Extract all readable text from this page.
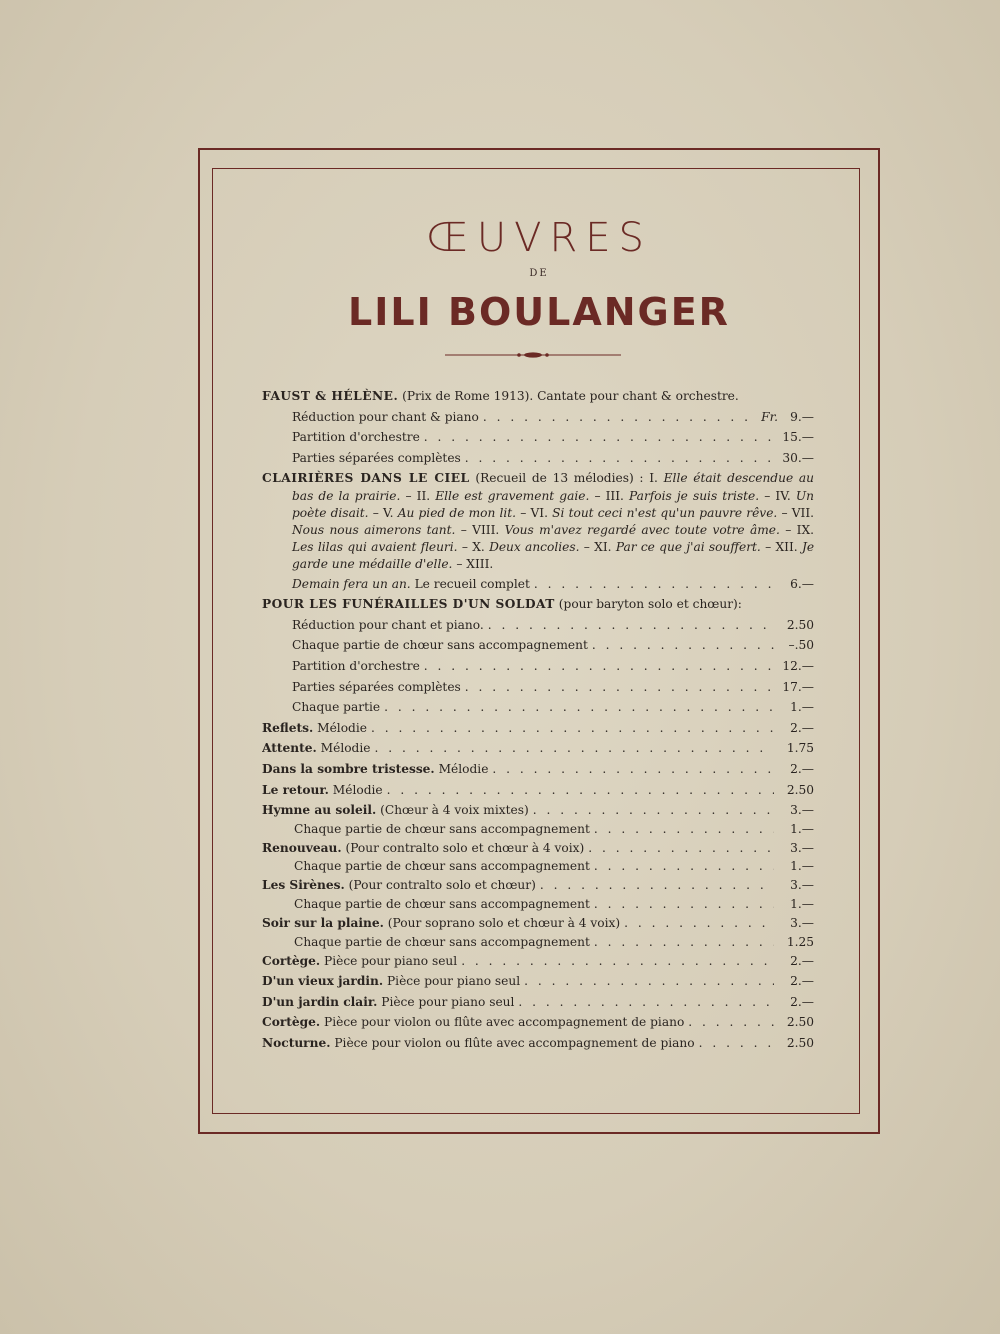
ŒUVRES
DE
LILI BOULANGER
FAUST & HÉLÈNE.
(Prix de Rome 1913). Cantate pour chant & orchestre.
Réduction pour chant & piano . . .	Fr. 9.—
Partition d'orchestre . . .	15.—
Parties séparées complètes . . .	30.—
CLAIRIÈRES DANS LE CIEL (Recueil de 13 mélodies) : I. Elle était descendue au bas de la prairie. – II. Elle est gravement gaie. – III. Parfois je suis triste. – IV. Un poète disait. – V. Au pied de mon lit. – VI. Si tout ceci n'est qu'un pauvre rêve. – VII. Nous nous aimerons tant. – VIII. Vous m'avez regardé avec toute votre âme. – IX. Les lilas qui avaient fleuri. – X. Deux ancolies. – XI. Par ce que j'ai souffert. – XII. Je garde une médaille d'elle. – XIII.
Demain fera un an.
Le recueil complet . . .	6.—
POUR LES FUNÉRAILLES D'UN SOLDAT
(pour baryton solo et chœur):
Réduction pour chant et piano. . . .	2.50
Chaque partie de chœur sans accompagnement . . .	–.50
Partition d'orchestre . . .	12.—
Parties séparées complètes . . .	17.—
Chaque partie . . .	1.—
Reflets.
Mélodie . . .	2.—
Attente.
Mélodie . . .	1.75
Dans la sombre tristesse.
Mélodie . . .	2.—
Le retour.
Mélodie . . .	2.50
Hymne au soleil.
(Chœur à 4 voix mixtes) . . .	3.—
Chaque partie de chœur sans accompagnement . . .	1.—
Renouveau.
(Pour contralto solo et chœur à 4 voix) . . .	3.—
Chaque partie de chœur sans accompagnement . . .	1.—
Les Sirènes.
(Pour contralto solo et chœur) . . .	3.—
Chaque partie de chœur sans accompagnement . . .	1.—
Soir sur la plaine.
(Pour soprano solo et chœur à 4 voix) . . .	3.—
Chaque partie de chœur sans accompagnement . . .	1.25
Cortège.
Pièce pour piano seul . . .	2.—
D'un vieux jardin.
Pièce pour piano seul . . .	2.—
D'un jardin clair.
Pièce pour piano seul . . .	2.—
Cortège.
Pièce pour violon ou flûte avec accompagnement de piano . . .	2.50
Nocturne.
Pièce pour violon ou flûte avec accompagnement de piano . . .	2.50
